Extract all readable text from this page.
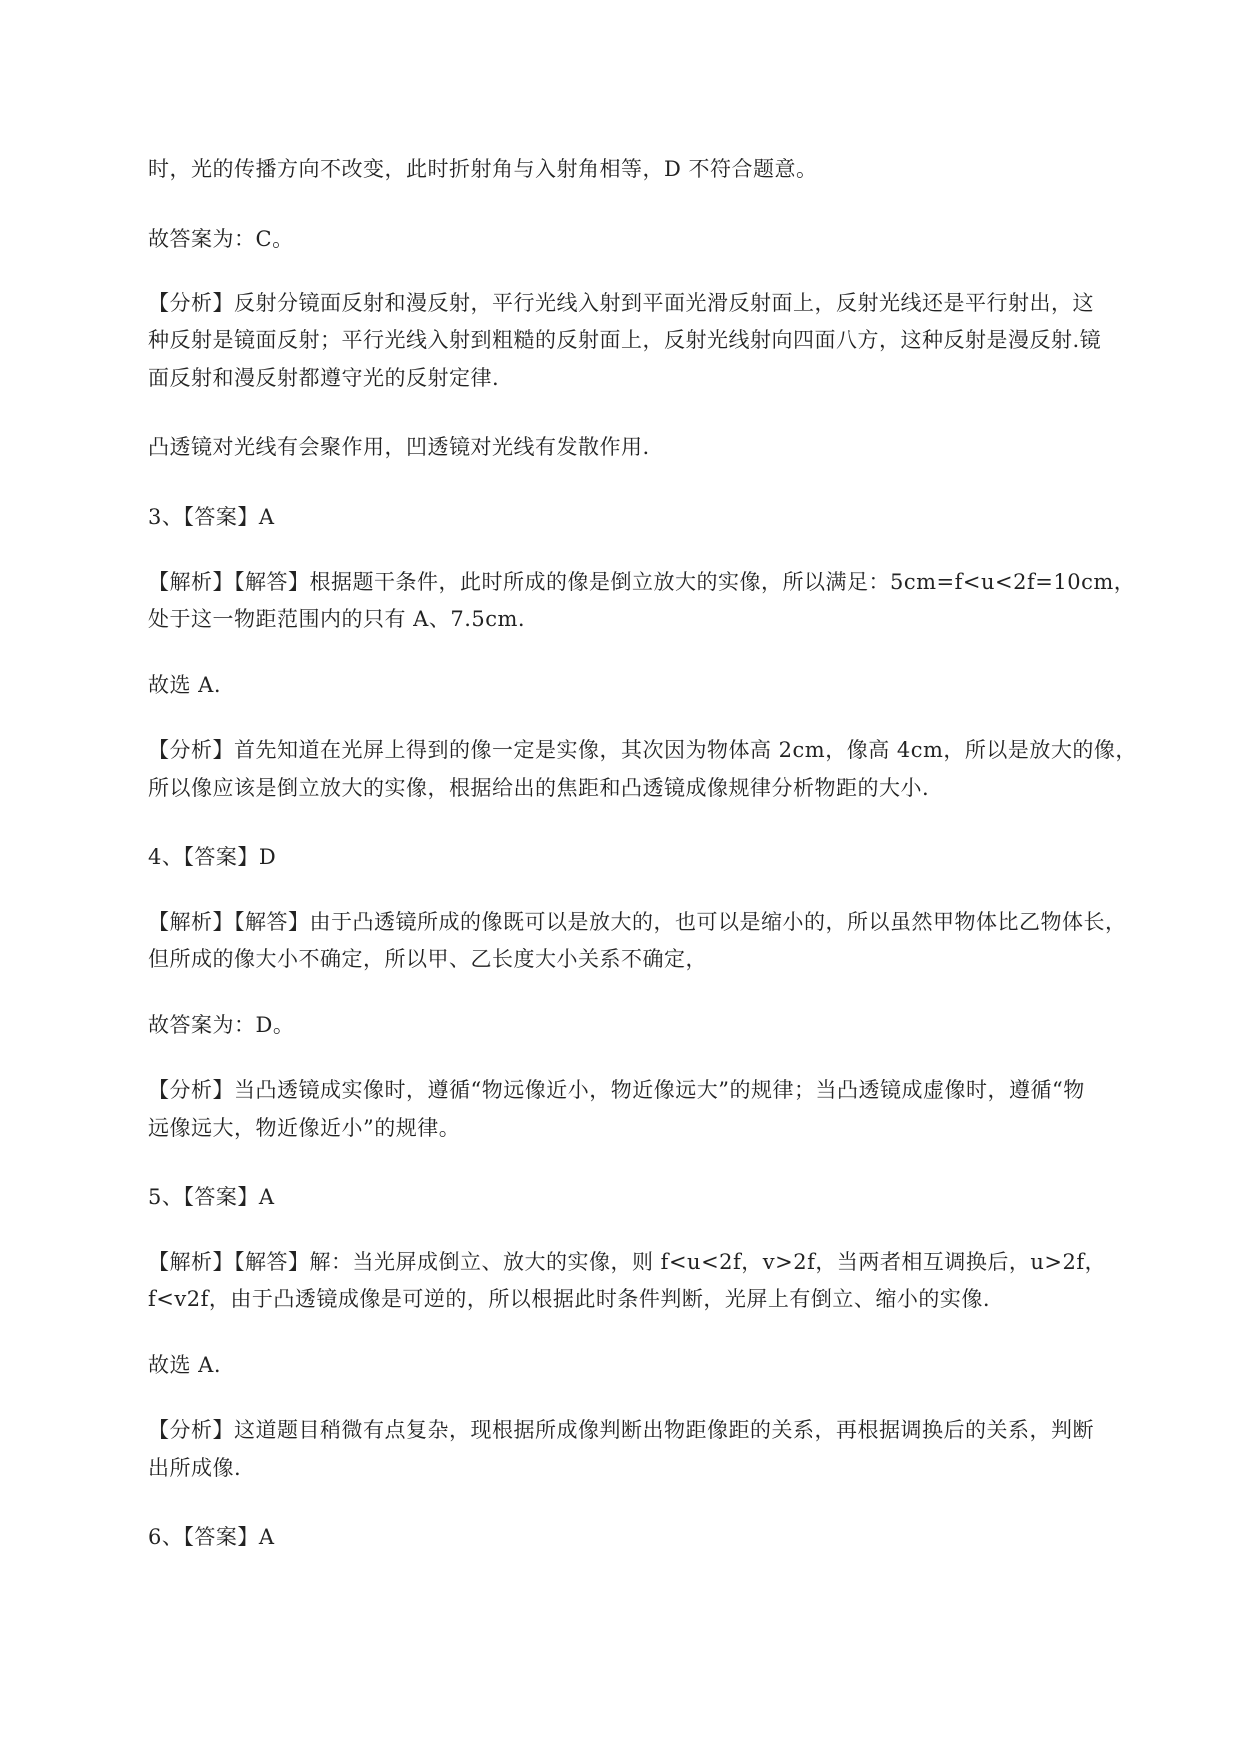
时，光的传播方向不改变，此时折射角与入射角相等，D 不符合题意。
故答案为：C。
【分析】反射分镜面反射和漫反射，平行光线入射到平面光滑反射面上，反射光线还是平行射出，这
种反射是镜面反射；平行光线入射到粗糙的反射面上，反射光线射向四面八方，这种反射是漫反射.镜
面反射和漫反射都遵守光的反射定律.
凸透镜对光线有会聚作用，凹透镜对光线有发散作用.
3、【答案】A
【解析】【解答】根据题干条件，此时所成的像是倒立放大的实像，所以满足：5cm=f<u<2f=10cm，
处于这一物距范围内的只有 A、7.5cm.
故选 A.
【分析】首先知道在光屏上得到的像一定是实像，其次因为物体高 2cm，像高 4cm，所以是放大的像，
所以像应该是倒立放大的实像，根据给出的焦距和凸透镜成像规律分析物距的大小.
4、【答案】D
【解析】【解答】由于凸透镜所成的像既可以是放大的，也可以是缩小的，所以虽然甲物体比乙物体长，
但所成的像大小不确定，所以甲、乙长度大小关系不确定，
故答案为：D。
【分析】当凸透镜成实像时，遵循“物远像近小，物近像远大”的规律；当凸透镜成虚像时，遵循“物
远像远大，物近像近小”的规律。
5、【答案】A
【解析】【解答】解：当光屏成倒立、放大的实像，则 f<u<2f，v>2f，当两者相互调换后，u>2f，
f<v2f，由于凸透镜成像是可逆的，所以根据此时条件判断，光屏上有倒立、缩小的实像.
故选 A.
【分析】这道题目稍微有点复杂，现根据所成像判断出物距像距的关系，再根据调换后的关系，判断
出所成像.
6、【答案】A
